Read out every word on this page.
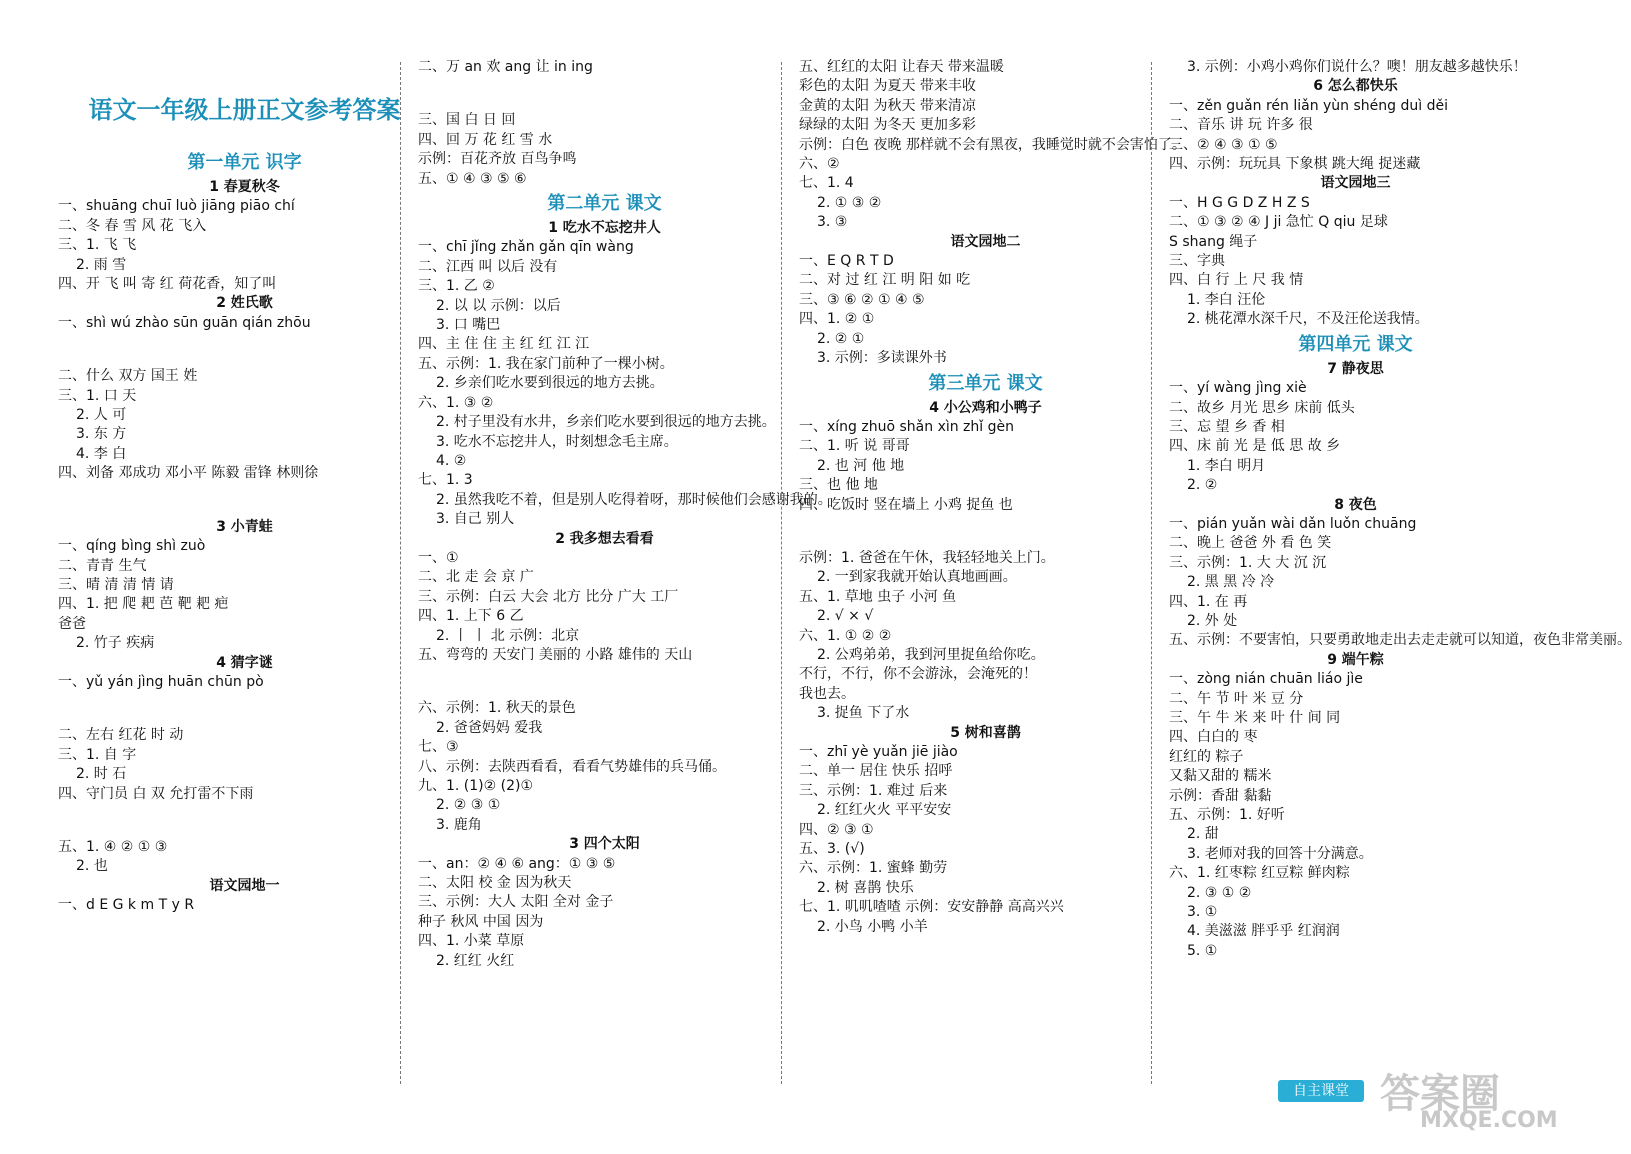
语文一年级上册正文参考答案
第一单元 识字
1 春夏秋冬
一、shuāng chuī luò jiāng piāo chí
二、冬 春 雪 风 花 飞入
三、1. 飞 飞
2. 雨 雪
四、开 飞 叫 寄 红 荷花香，知了叫
2 姓氏歌
一、shì wú zhào sūn guān qián zhōu
二、什么 双方 国王 姓
三、1. 口 天
2. 人 可
3. 东 方
4. 李 白
四、刘备 邓成功 邓小平 陈毅 雷锋 林则徐
3 小青蛙
一、qíng bìng shì zuò
二、青青 生气
三、晴 清 清 情 请
四、1. 把 爬 耙 芭 靶 耙 疤
爸爸
2. 竹子 疾病
4 猜字谜
一、yǔ yán jìng huān chūn pò
二、左右 红花 时 动
三、1. 自 字
2. 时 石
四、守门员 白 双 允打雷不下雨
五、1. ④ ② ① ③
2. 也
语文园地一
一、d E G k m T y R
二、万 an 欢 ang 让 in ing
三、国 白 日 回
四、回 万 花 红 雪 水
示例：百花齐放 百鸟争鸣
五、① ④ ③ ⑤ ⑥
第二单元 课文
1 吃水不忘挖井人
一、chī jǐng zhǎn gǎn qīn wàng
二、江西 叫 以后 没有
三、1. 乙 ②
2. 以 以 示例：以后
3. 口 嘴巴
四、主 住 住 主 红 红 江 江
五、示例：1. 我在家门前种了一棵小树。
2. 乡亲们吃水要到很远的地方去挑。
六、1. ③ ②
2. 村子里没有水井，乡亲们吃水要到很远的地方去挑。
3. 吃水不忘挖井人，时刻想念毛主席。
4. ②
七、1. 3
2. 虽然我吃不着，但是别人吃得着呀，那时候他们会感谢我的。
3. 自己 别人
2 我多想去看看
一、①
二、北 走 会 京 广
三、示例：白云 大会 北方 比分 广大 工厂
四、1. 上下 6 乙
2. 丨 丨 北 示例：北京
五、弯弯的 天安门 美丽的 小路 雄伟的 天山
六、示例：1. 秋天的景色
2. 爸爸妈妈 爱我
七、③
八、示例：去陕西看看，看看气势雄伟的兵马俑。
九、1. (1)② (2)①
2. ② ③ ①
3. 鹿角
3 四个太阳
一、an：② ④ ⑥ ang：① ③ ⑤
二、太阳 校 金 因为秋天
三、示例：大人 太阳 全对 金子
种子 秋风 中国 因为
四、1. 小菜 草原
2. 红红 火红
五、红红的太阳 让春天 带来温暖
彩色的太阳 为夏天 带来丰收
金黄的太阳 为秋天 带来清凉
绿绿的太阳 为冬天 更加多彩
示例：白色 夜晚 那样就不会有黑夜，我睡觉时就不会害怕了。
六、②
七、1. 4
2. ① ③ ②
3. ③
语文园地二
一、E Q R T D
二、对 过 红 江 明 阳 如 吃
三、③ ⑥ ② ① ④ ⑤
四、1. ② ①
2. ② ①
3. 示例：多读课外书
第三单元 课文
4 小公鸡和小鸭子
一、xíng zhuō shǎn xìn zhǐ gèn
二、1. 听 说 哥哥
2. 也 河 他 地
三、也 他 地
四、吃饭时 竖在墙上 小鸡 捉鱼 也
示例：1. 爸爸在午休，我轻轻地关上门。
2. 一到家我就开始认真地画画。
五、1. 草地 虫子 小河 鱼
2. √ × √
六、1. ① ② ②
2. 公鸡弟弟，我到河里捉鱼给你吃。
不行，不行，你不会游泳，会淹死的！
我也去。
3. 捉鱼 下了水
5 树和喜鹊
一、zhī yè yuǎn jiē jiào
二、单一 居住 快乐 招呼
三、示例：1. 难过 后来
2. 红红火火 平平安安
四、② ③ ①
五、3. (√)
六、示例：1. 蜜蜂 勤劳
2. 树 喜鹊 快乐
七、1. 叽叽喳喳 示例：安安静静 高高兴兴
2. 小鸟 小鸭 小羊
3. 示例：小鸡小鸡你们说什么？噢！朋友越多越快乐！
6 怎么都快乐
一、zěn guǎn rén liǎn yùn shéng duì děi
二、音乐 讲 玩 许多 很
三、② ④ ③ ① ⑤
四、示例：玩玩具 下象棋 跳大绳 捉迷藏
语文园地三
一、H G G D Z H Z S
二、① ③ ② ④ J ji 急忙 Q qiu 足球
S shang 绳子
三、字典
四、白 行 上 尺 我 情
1. 李白 汪伦
2. 桃花潭水深千尺，不及汪伦送我情。
第四单元 课文
7 静夜思
一、yí wàng jìng xiè
二、故乡 月光 思乡 床前 低头
三、忘 望 乡 香 相
四、床 前 光 是 低 思 故 乡
1. 李白 明月
2. ②
8 夜色
一、pián yuǎn wài dǎn luǒn chuāng
二、晚上 爸爸 外 看 色 笑
三、示例：1. 大 大 沉 沉
2. 黑 黑 冷 冷
四、1. 在 再
2. 外 处
五、示例：不要害怕，只要勇敢地走出去走走就可以知道，夜色非常美丽。
9 端午粽
一、zòng nián chuān liáo jìe
二、午 节 叶 米 豆 分
三、午 牛 米 来 叶 什 间 同
四、白白的 枣
红红的 粽子
又黏又甜的 糯米
示例：香甜 黏黏
五、示例：1. 好听
2. 甜
3. 老师对我的回答十分满意。
六、1. 红枣粽 红豆粽 鲜肉粽
2. ③ ① ②
3. ①
4. 美滋滋 胖乎乎 红润润
5. ①
自主课堂 答案圈
MXQE.COM
